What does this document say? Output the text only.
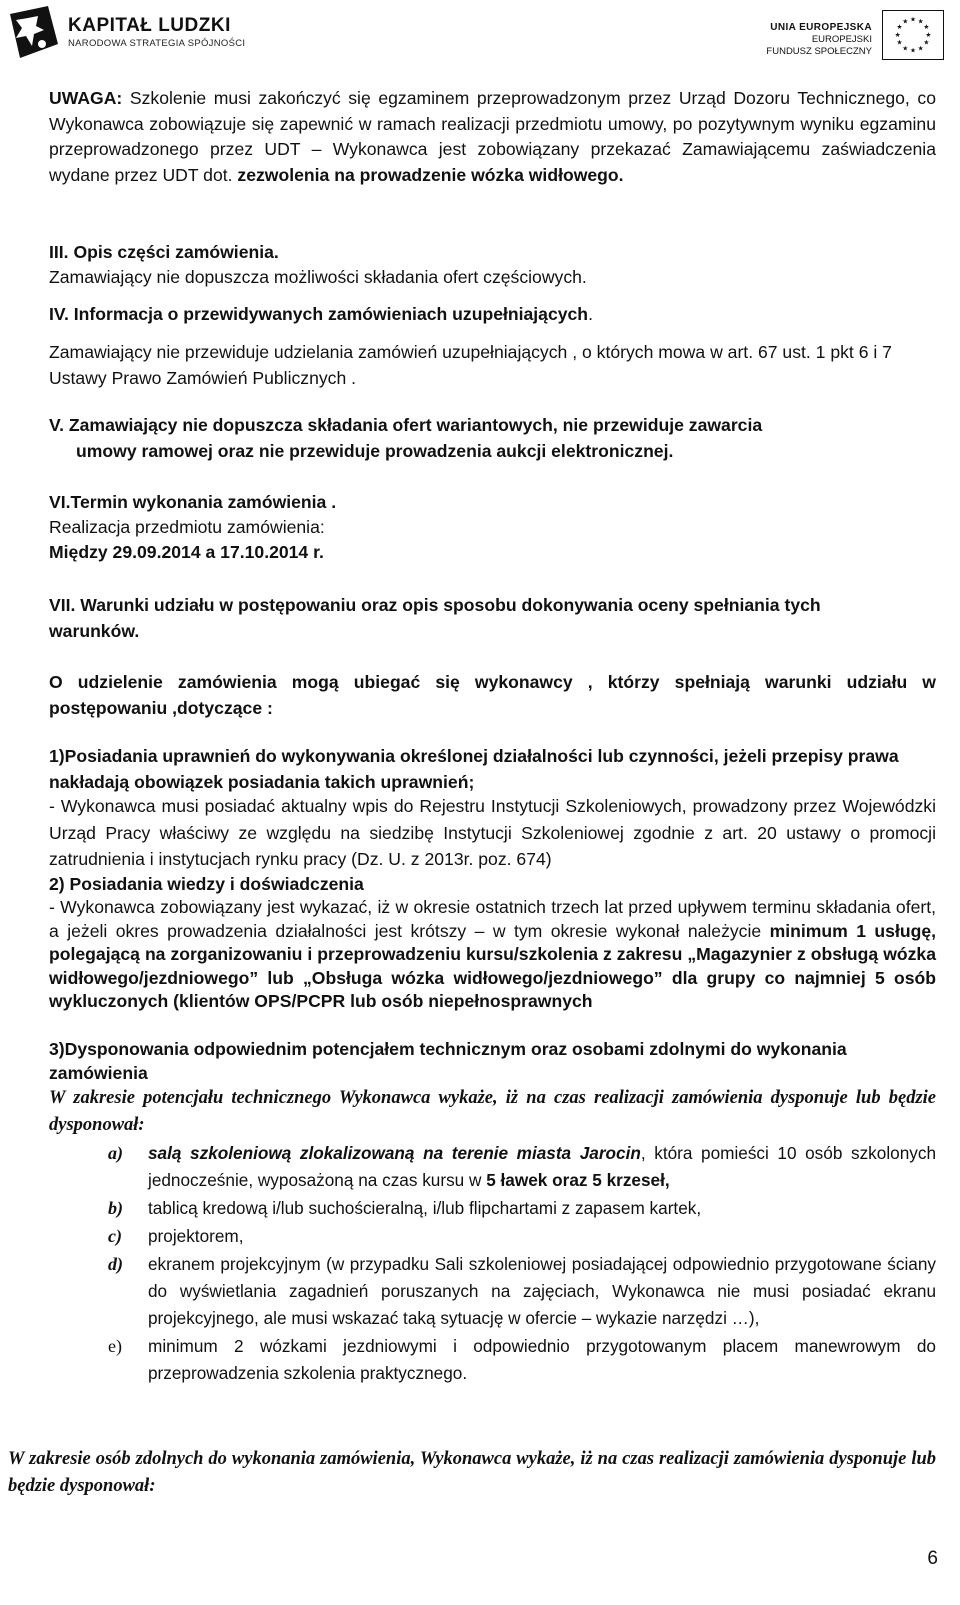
KAPITAŁ LUDZKI
NARODOWA STRATEGIA SPÓJNOŚCI
UNIA EUROPEJSKA
EUROPEJSKI
FUNDUSZ SPOŁECZNY
★ ★
★
★
★
★
★
★
★
★
★
★
UWAGA: Szkolenie musi zakończyć się egzaminem przeprowadzonym przez Urząd Dozoru Technicznego, co Wykonawca zobowiązuje się zapewnić w ramach realizacji przedmiotu umowy, po pozytywnym wyniku egzaminu przeprowadzonego przez UDT – Wykonawca jest zobowiązany przekazać Zamawiającemu zaświadczenia wydane przez UDT dot. zezwolenia na prowadzenie wózka widłowego.
III. Opis części zamówienia.
Zamawiający nie dopuszcza możliwości składania ofert częściowych.
IV. Informacja o przewidywanych zamówieniach uzupełniających.
Zamawiający nie przewiduje udzielania zamówień uzupełniających , o których mowa w art. 67 ust. 1 pkt 6 i 7 Ustawy Prawo Zamówień Publicznych .
V. Zamawiający nie dopuszcza składania ofert wariantowych, nie przewiduje zawarcia
umowy ramowej oraz nie przewiduje prowadzenia aukcji elektronicznej.
VI.Termin wykonania zamówienia .
Realizacja przedmiotu zamówienia:
Między 29.09.2014 a 17.10.2014 r.
VII. Warunki udziału w postępowaniu oraz opis sposobu dokonywania oceny spełniania tych warunków.
O udzielenie zamówienia mogą ubiegać się wykonawcy , którzy spełniają warunki udziału w postępowaniu ,dotyczące :
1)Posiadania uprawnień do wykonywania określonej działalności lub czynności, jeżeli przepisy prawa nakładają obowiązek posiadania takich uprawnień;
- Wykonawca musi posiadać aktualny wpis do Rejestru Instytucji Szkoleniowych, prowadzony przez Wojewódzki Urząd Pracy właściwy ze względu na siedzibę Instytucji Szkoleniowej zgodnie z art. 20 ustawy o promocji zatrudnienia i instytucjach rynku pracy (Dz. U. z 2013r. poz. 674)
2) Posiadania wiedzy i doświadczenia
- Wykonawca zobowiązany jest wykazać, iż w okresie ostatnich trzech lat przed upływem terminu składania ofert, a jeżeli okres prowadzenia działalności jest krótszy – w tym okresie wykonał należycie minimum 1 usługę, polegającą na zorganizowaniu i przeprowadzeniu kursu/szkolenia z zakresu „Magazynier z obsługą wózka widłowego/jezdniowego” lub „Obsługa wózka widłowego/jezdniowego” dla grupy co najmniej 5 osób wykluczonych (klientów OPS/PCPR lub osób niepełnosprawnych
3)Dysponowania odpowiednim potencjałem technicznym oraz osobami zdolnymi do wykonania zamówienia
W zakresie potencjału technicznego Wykonawca wykaże, iż na czas realizacji zamówienia dysponuje lub będzie dysponował:
a)	salą szkoleniową zlokalizowaną na terenie miasta Jarocin, która pomieści 10 osób szkolonych jednocześnie, wyposażoną na czas kursu w 5 ławek oraz 5 krzeseł,
b)	tablicą kredową i/lub suchościeralną, i/lub flipchartami z zapasem kartek,
c)	projektorem,
d)	ekranem projekcyjnym (w przypadku Sali szkoleniowej posiadającej odpowiednio przygotowane ściany do wyświetlania zagadnień poruszanych na zajęciach, Wykonawca nie musi posiadać ekranu projekcyjnego, ale musi wskazać taką sytuację w ofercie – wykazie narzędzi …),
e)	minimum 2 wózkami jezdniowymi i odpowiednio przygotowanym placem manewrowym do przeprowadzenia szkolenia praktycznego.
W zakresie osób zdolnych do wykonania zamówienia, Wykonawca wykaże, iż na czas realizacji zamówienia dysponuje lub będzie dysponował:
6
